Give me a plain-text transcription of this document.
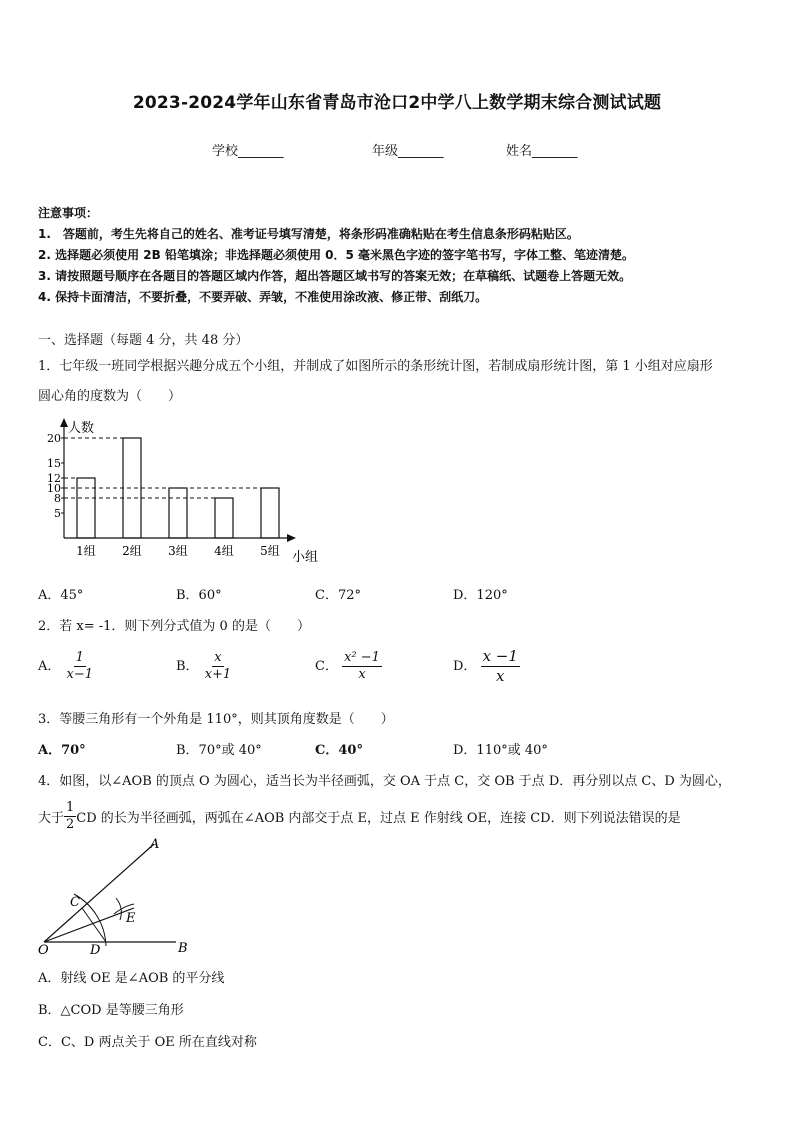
2023-2024学年山东省青岛市沧口2中学八上数学期末综合测试试题
学校_______	年级_______	姓名_______
注意事项：
1.　答题前，考生先将自己的姓名、准考证号填写清楚，将条形码准确粘贴在考生信息条形码粘贴区。
2. 选择题必须使用 2B 铅笔填涂；非选择题必须使用 0．5 毫米黑色字迹的签字笔书写，字体工整、笔迹清楚。
3. 请按照题号顺序在各题目的答题区域内作答，超出答题区域书写的答案无效；在草稿纸、试题卷上答题无效。
4. 保持卡面清洁，不要折叠，不要弄破、弄皱，不准使用涂改液、修正带、刮纸刀。
一、选择题（每题 4 分，共 48 分）
1．七年级一班同学根据兴趣分成五个小组，并制成了如图所示的条形统计图，若制成扇形统计图，第 1 小组对应扇形
圆心角的度数为（　　）
人数
小组
20
15
12
10
8
5
1组 2组 3组 4组 5组
A．45°	B．60°	C．72°	D．120°
2．若 x= -1．则下列分式值为 0 的是（　　）
A． $\frac{1}{x-1}$	B． $\frac{x}{x+1}$	C． $\frac{\text{x² −1}}{x}$	D． $\frac{x -1}{x}$
3．等腰三角形有一个外角是 110°，则其顶角度数是（　　）
A．70°	B．70°或 40°	C．40°	D．110°或 40°
4．如图，以∠AOB 的顶点 O 为圆心，适当长为半径画弧，交 OA 于点 C，交 OB 于点 D．再分别以点 C、D 为圆心，
大于 $\frac{1}{2}$ CD 的长为半径画弧，两弧在∠AOB 内部交于点 E，过点 E 作射线 OE，连接 CD．则下列说法错误的是
O
A
B
C
D
E
A．射线 OE 是∠AOB 的平分线
B．△COD 是等腰三角形
C．C、D 两点关于 OE 所在直线对称
